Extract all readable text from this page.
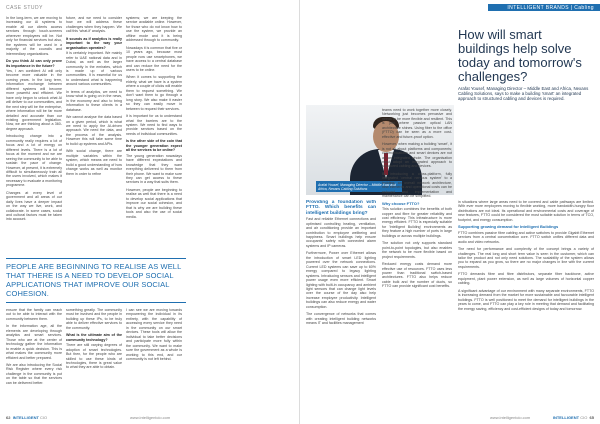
CASE STUDY

In the long-term, we are moving to increasing our AI systems to enable all our clients access services through touch-screens wherever employees will be. Not only for financial services but also, the systems will be used in a majority of the councils and intermediary organizations.

Do you think AI can only prove its importance in the future?

Yes, I am confident AI will only become more valuable in the coming years. In the long term, information exchange between different systems will become more powerful and efficient. We have only begun to unlock what AI will deliver to our communities, and the next step will be the enterprise, where information will be far more detailed and accurate than our existing government legislation. Now, we are thinking about a 360-degree approach.

Introducing change into a community really requires a lot of focus and a lot of energy on different levels. There is a lot of focus at the moment and we are seeing the community to be able to sustain the pace of change. However, at present, it is extremely difficult to simultaneously train all the users involved, which makes it necessary to evaluate a monitoring programme.

Changes at every level of government and all areas of our daily lives have a deeper impact on the way we live, work, and collaborate. In some cases, social and cultural factors must be taken into account.

future, and we need to consider how we will address these challenges when they happen. We call this 'what-if' analysis.

It sounds as if analytics is really important to the way your organisation operates?

It is certainly important. We mainly refer to UAE national data and in Dubai, as well as the larger community in the emirates, which is made up of various communities. It is essential for us to understand what is happening around various communities.

In terms of analytics, we need to know what is going on in the news, in the economy and also to bring information to these clients in a database.

We cannot analyse the data based on a given period, which is what we need to apply the AI-driven approach. We need the data, and the process of the analysis. However this will take some time to build up systems and APIs.

With social change, there are multiple variables within the system, which means we need to build a good understanding of how change works as well as monitor them in order to refine

systems; we are keeping the service available online. However, for those who do not know how to use the system, we provide an offline mode and it is being addressed through to community.

Nowadays it is common that five or 10 years ago, because most people now use smartphones, we have access to a central database and can reduce the need for the users to be online.

When it comes to supporting the elderly, what we have is a system where a couple of clicks will enable them to request something. We don't want them to go through a long story. We also make it easier so they can easily move in between to request their services.

It is important for us to understand what the barriers are to the system. We need to find ways to provide services based on the needs of individual communities.

Is the other side of the coin that the younger generation expect all the services to be online?

The young generation nowadays have different expectations and knowledge that they want everything delivered to them from their phone. We want to make sure they can get access to these services in a way that suits them.

However, people are beginning to realise as well that there is a need to develop social applications that improve our social cohesion, and that is why we are building these tools and also the use of social media.

PEOPLE ARE BEGINNING TO REALISE AS WELL THAT THERE IS A NEED TO DEVELOP SOCIAL APPLICATIONS THAT IMPROVE OUR SOCIAL COHESION.

ensure that the family can reach out to be able to interact with the community between them.

In the information age, all the elements are developing through analytics and smart services. Those who are at the center of technology gather the information to enable a quick decision. This is what makes the community more efficient and better prepared.

We are also introducing the Social Risk Register where every risk challenge in the community is put on the table so that the services can be delivered better.

something greatly. The community must be involved and the people in building up these IPs, to be truly able to deliver effective services to the community.

What is the ultimate aim of the community technology?

There are still varying degrees of adoption of smart technologies. But then, for the people who are skilled to use these kinds of technologies, there is great value to what they are able to obtain.

I can see we are moving towards empowering the individual in its entirety, with the capability of accessing every service they need in the community on our smart devices. These tools will allow the individual to take better decisions and participate more fully within the community. We want to make sure the government as a whole is working to this end, and our community is not left behind.

62 INTELLIGENT CIO	www.intelligentcio.com
INTELLIGENT BRANDS | Cabling
How will smart buildings help solve today and tomorrow's challenges?
Arafat Yousef, Managing Director – Middle East and Africa, Nexans Cabling Solutions, says to make a building 'smart' an integrated approach to structured cabling and devices is required.
Arafat Yousef, Managing Director – Middle East and Africa, Nexans Cabling Solutions

Providing a foundation with FTTO. Which benefits can intelligent buildings bring?

Fast and reliable Ethernet connections and optimised controlling heating, ventilation, and air conditioning provide an important contribution to employee wellbeing and happiness. Smart buildings help ensure occupants' safety with connected alarm systems and IP cameras.

Furthermore, Power over Ethernet allows the introduction of smart LED lighting powered over the network connections. Current LED systems can save up to 60% energy compared to legacy lighting systems. Introducing sensors and intelligent power usage even more efficient. Smart lighting with built-in occupancy and ambient light sensors that can change light levels over the course of the day also help increase employee productivity. Intelligent buildings can also reduce energy and water consumption.

The convergence of networks that comes with creating intelligent building networks means IT and facilities management

teams need to work together more closely. Networking just becomes pervasive and needs to be more flexible and resilient. This is just where passive optical LAN architecture shines. Using fiber to the office (FTTO) can be seen as a more cost-effective and future-proof option.

However, when making a building 'smart', it is not all about platforms and components; communications and smart devices are not as an integrated whole. The organisation must adopt an integrated approach to structured cabling and devices.

By introducing a cross-platform, fully integrated 'central nervous system' to a building, an overall network architecture, new elements and operational costs can be reduced and implementation and maintenance can be simplified.

Why choose FTTO?

This solution combines the benefits of both copper and fibre for greater reliability and cost efficiency. This infrastructure is more energy efficient. FTTO is especially suitable for 'Intelligent Building' environments as they feature a high number of ports in large buildings or across multiple buildings.

The solution not only supports standard point-to-point topologies, but also enables the network to be more flexible based on project requirements.

Reduced energy costs demand more effective use of resources. FTTO uses less power than traditional switch-based architectures. FTTO also helps reduce cable bulk and the number of ducts, so FTTO can provide significant cost benefits.

in situations where large areas need to be covered and cable pathways are limited. With ever more employees moving to flexible working, more bandwidth-hungry floor distributions are not ideal. Its operational and environmental costs and coverage of new features, FTTO could be considered the most suitable solution in terms of TCO, footprint, and energy consumption.

Supporting growing demand for Intelligent Buildings

FTTO combines passive fibre cabling and active switches to provide Gigabit Ethernet services from a central concentration core. FTTO switch unifies different data and audio and video networks.

The need for performance and complexity of the concept brings a variety of challenges. The real long and short term value is seen in the customer, which can tailor the product and not only need solutions. The scalability of the system allows you to expand as you grow, so there are no major changes in line with the current requirements.

FTTO demands fibre and fibre distributors, separate fiber backbone, active equipment, plant power extension, as well as large volumes of horizontal copper cabling.

A significant advantage of our environment with many separate environments, FTTO is increasing demand from the market for more sustainable and favourable intelligent buildings. FTTO is well positioned to meet the demand for intelligent buildings in the years to come, and FTTO can play a key role in meeting that demand and facilitating the energy saving, efficiency and cost-efficient designs of today and tomorrow.

www.intelligentcio.com	INTELLIGENT CIO 65
